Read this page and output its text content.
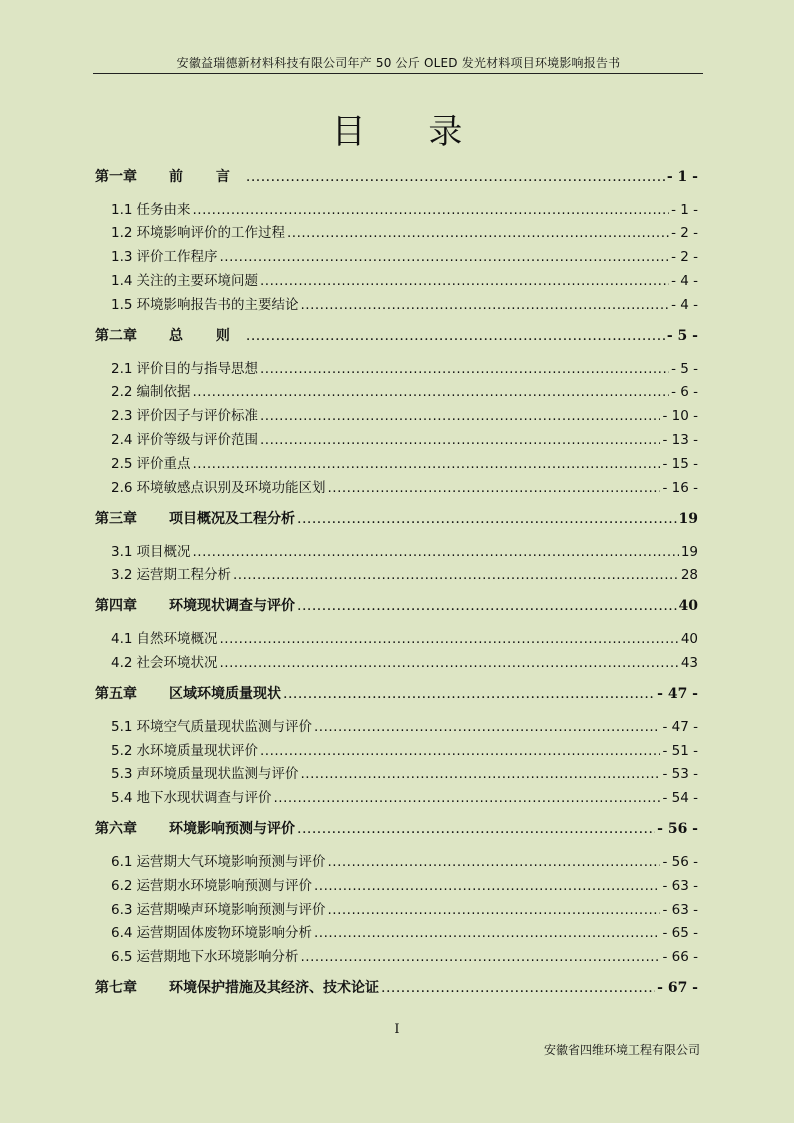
安徽益瑞德新材料科技有限公司年产 50 公斤 OLED 发光材料项目环境影响报告书
目 录
第一章	前 言 .....	- 1 -
1.1 任务由来 .....	- 1 -
1.2 环境影响评价的工作过程 .....	- 2 -
1.3 评价工作程序 .....	- 2 -
1.4 关注的主要环境问题 .....	- 4 -
1.5 环境影响报告书的主要结论 .....	- 4 -
第二章	总 则 .....	- 5 -
2.1 评价目的与指导思想 .....	- 5 -
2.2 编制依据 .....	- 6 -
2.3 评价因子与评价标准 .....	- 10 -
2.4 评价等级与评价范围 .....	- 13 -
2.5 评价重点 .....	- 15 -
2.6 环境敏感点识别及环境功能区划 .....	- 16 -
第三章	项目概况及工程分析 .....	19
3.1 项目概况 .....	19
3.2 运营期工程分析 .....	28
第四章	环境现状调查与评价 .....	40
4.1 自然环境概况 .....	40
4.2 社会环境状况 .....	43
第五章	区域环境质量现状 .....	- 47 -
5.1 环境空气质量现状监测与评价 .....	- 47 -
5.2 水环境质量现状评价 .....	- 51 -
5.3 声环境质量现状监测与评价 .....	- 53 -
5.4 地下水现状调查与评价 .....	- 54 -
第六章	环境影响预测与评价 .....	- 56 -
6.1 运营期大气环境影响预测与评价 .....	- 56 -
6.2 运营期水环境影响预测与评价 .....	- 63 -
6.3 运营期噪声环境影响预测与评价 .....	- 63 -
6.4 运营期固体废物环境影响分析 .....	- 65 -
6.5 运营期地下水环境影响分析 .....	- 66 -
第七章	环境保护措施及其经济、技术论证 .....	- 67 -
I
安徽省四维环境工程有限公司
